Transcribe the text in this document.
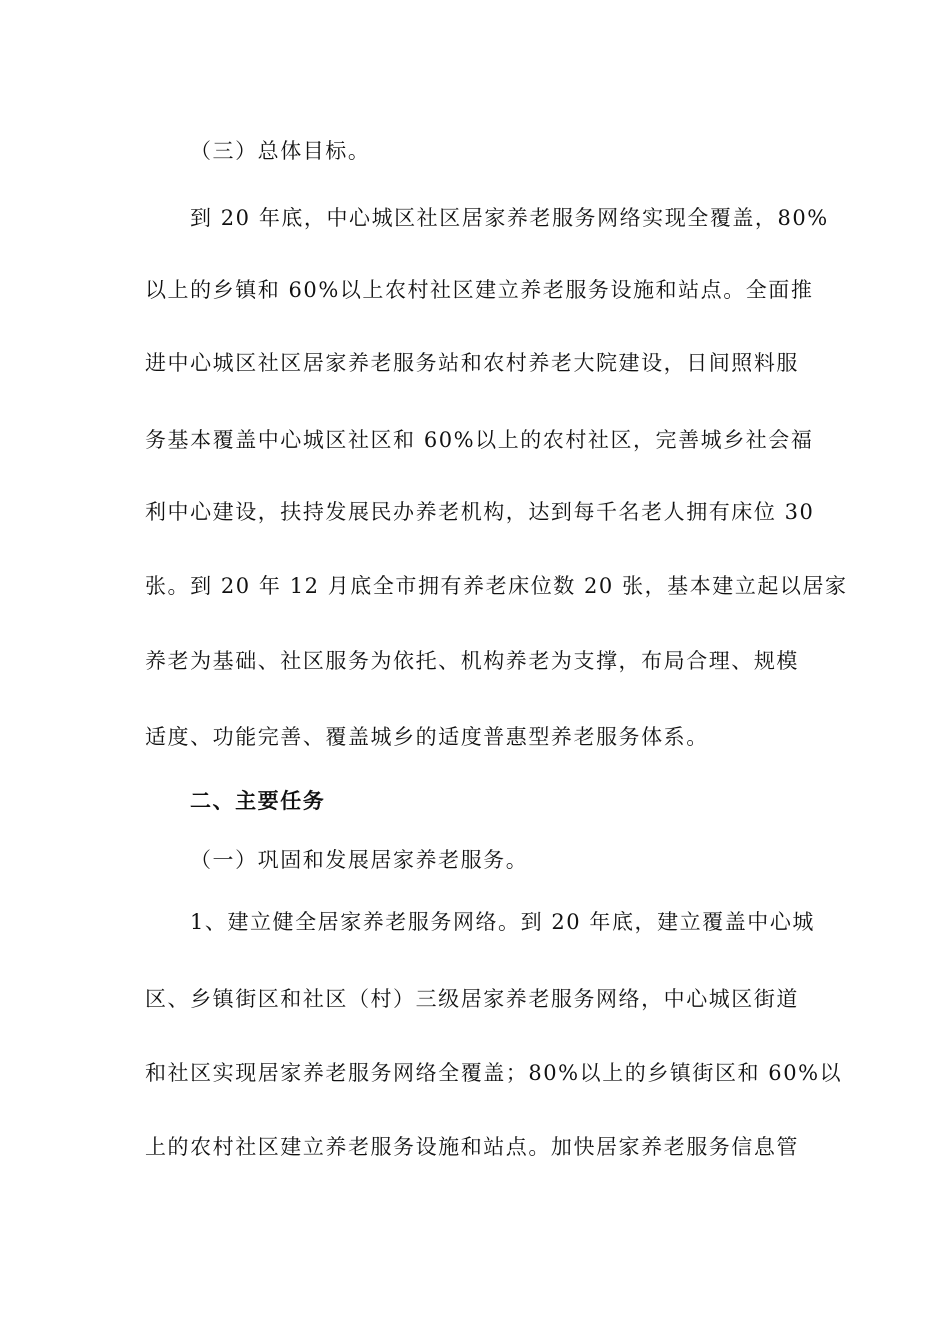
（三）总体目标。
到 20 年底，中心城区社区居家养老服务网络实现全覆盖，80%
以上的乡镇和 60%以上农村社区建立养老服务设施和站点。全面推
进中心城区社区居家养老服务站和农村养老大院建设，日间照料服
务基本覆盖中心城区社区和 60%以上的农村社区，完善城乡社会福
利中心建设，扶持发展民办养老机构，达到每千名老人拥有床位 30
张。到 20 年 12 月底全市拥有养老床位数 20 张，基本建立起以居家
养老为基础、社区服务为依托、机构养老为支撑，布局合理、规模
适度、功能完善、覆盖城乡的适度普惠型养老服务体系。
二、主要任务
（一）巩固和发展居家养老服务。
1、建立健全居家养老服务网络。到 20 年底，建立覆盖中心城
区、乡镇街区和社区（村）三级居家养老服务网络，中心城区街道
和社区实现居家养老服务网络全覆盖；80%以上的乡镇街区和 60%以
上的农村社区建立养老服务设施和站点。加快居家养老服务信息管
